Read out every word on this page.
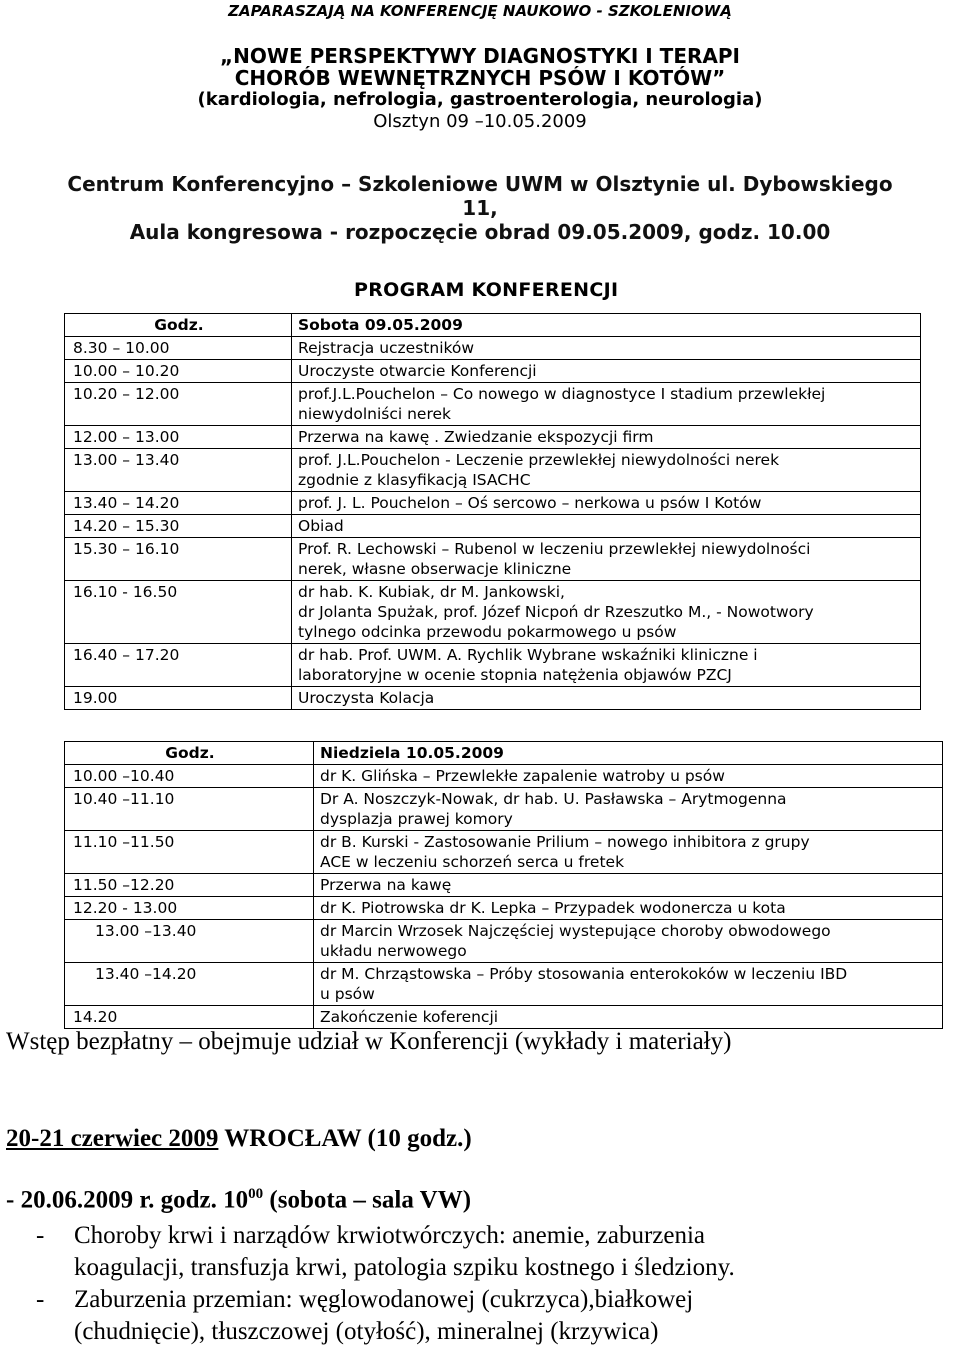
ZAPARASZAJĄ NA KONFERENCJĘ NAUKOWO - SZKOLENIOWĄ
„NOWE PERSPEKTYWY DIAGNOSTYKI I TERAPI
CHORÓB WEWNĘTRZNYCH PSÓW I KOTÓW”
(kardiologia, nefrologia, gastroenterologia, neurologia)
Olsztyn 09 –10.05.2009
Centrum Konferencyjno – Szkoleniowe UWM w Olsztynie ul. Dybowskiego
11,
Aula kongresowa - rozpoczęcie obrad 09.05.2009, godz. 10.00
PROGRAM KONFERENCJI
Godz.	Sobota 09.05.2009
8.30 – 10.00	Rejstracja uczestników

10.00 – 10.20	Uroczyste otwarcie Konferencji

10.20 – 12.00	prof.J.L.Pouchelon – Co nowego w diagnostyce I stadium przewlekłej
niewydolniści nerek

12.00 – 13.00	Przerwa na kawę . Zwiedzanie ekspozycji firm

13.00 – 13.40	prof. J.L.Pouchelon - Leczenie przewlekłej niewydolności nerek
zgodnie z klasyfikacją ISACHC

13.40 – 14.20	prof. J. L. Pouchelon – Oś sercowo – nerkowa u psów I Kotów

14.20 – 15.30	Obiad

15.30 – 16.10	Prof. R. Lechowski – Rubenol w leczeniu przewlekłej niewydolności
nerek, własne obserwacje kliniczne

16.10 - 16.50	dr hab. K. Kubiak, dr M. Jankowski,
dr Jolanta Spużak, prof. Józef Nicpoń dr Rzeszutko M., - Nowotwory
tylnego odcinka przewodu pokarmowego u psów

16.40 – 17.20	dr hab. Prof. UWM. A. Rychlik Wybrane wskaźniki kliniczne i
laboratoryjne w ocenie stopnia natężenia objawów PZCJ

19.00	Uroczysta Kolacja
Godz.	Niedziela 10.05.2009
10.00 –10.40	dr K. Glińska – Przewlekłe zapalenie watroby u psów

10.40 –11.10	Dr A. Noszczyk-Nowak, dr hab. U. Pasławska – Arytmogenna
dysplazja prawej komory

11.10 –11.50	dr B. Kurski - Zastosowanie Prilium – nowego inhibitora z grupy
ACE w leczeniu schorzeń serca u fretek

11.50 –12.20	Przerwa na kawę

12.20 - 13.00	dr K. Piotrowska dr K. Lepka – Przypadek wodonercza u kota

13.00 –13.40	dr Marcin Wrzosek Najczęściej wystepujące choroby obwodowego
układu nerwowego

13.40 –14.20	dr M. Chrząstowska – Próby stosowania enterokoków w leczeniu IBD
u psów

14.20	Zakończenie koferencji
Wstęp bezpłatny – obejmuje udział w Konferencji (wykłady i materiały)
20-21 czerwiec 2009 WROCŁAW (10 godz.)
- 20.06.2009 r. godz. $10^{00}$ (sobota – sala VW)
- Choroby krwi i narządów krwiotwórczych: anemie, zaburzenia
koagulacji, transfuzja krwi, patologia szpiku kostnego i śledziony.
- Zaburzenia przemian: węglowodanowej (cukrzyca),białkowej
(chudnięcie), tłuszczowej (otyłość), mineralnej (krzywica)
